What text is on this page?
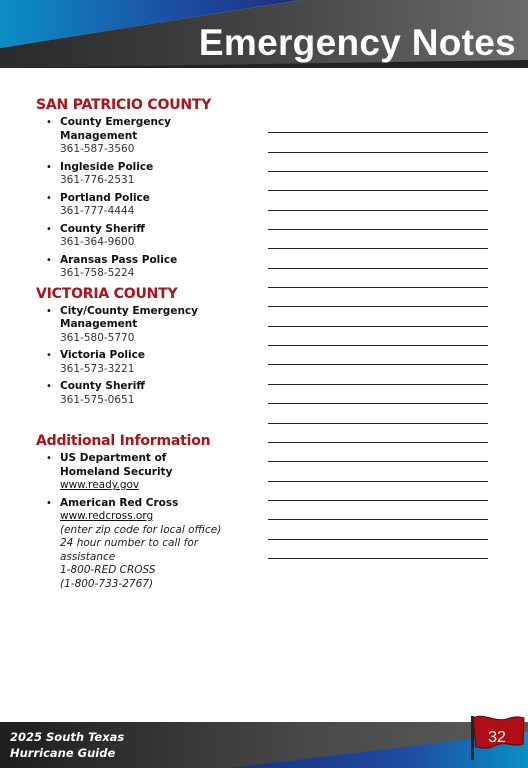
Emergency Notes
SAN PATRICIO COUNTY
• County Emergency
Management
361-587-3560
• Ingleside Police
361-776-2531
• Portland Police
361-777-4444
• County Sheriff
361-364-9600
• Aransas Pass Police
361-758-5224
VICTORIA COUNTY
• City/County Emergency
Management
361-580-5770
• Victoria Police
361-573-3221
• County Sheriff
361-575-0651
Additional Information
• US Department of
Homeland Security
www.ready.gov
• American Red Cross
www.redcross.org
(enter zip code for local office)
24 hour number to call for
assistance
1-800-RED CROSS
(1-800-733-2767)
2025 South Texas
Hurricane Guide
32
